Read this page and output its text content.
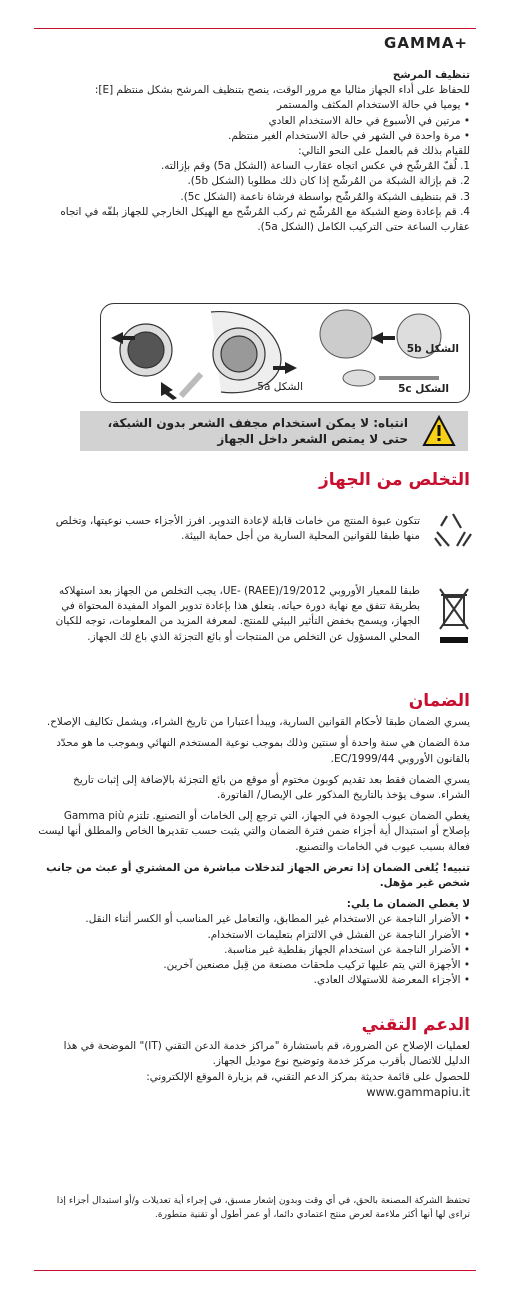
GAMMA+

تنظيف المرشح

للحفاظ على أداء الجهاز مثاليا مع مرور الوقت، ينصح بتنظيف المرشح بشكل منتظم [E]:

• يوميا في حالة الاستخدام المكثف والمستمر

• مرتين في الأسبوع في حالة الاستخدام العادي

• مرة واحدة في الشهر في حالة الاستخدام الغير منتظم.

للقيام بذلك قم بالعمل على النحو التالي:

1. لُفّ المُرشّح في عكس اتجاه عقارب الساعة (الشكل 5a) وقم بإزالته.

2. قم بإزالة الشبكة من المُرشّح إذا كان ذلك مطلوبا (الشكل 5b).

3. قم بتنظيف الشبكة والمُرشّح بواسطة فرشاة ناعمة (الشكل 5c).

4. قم بإعادة وضع الشبكة مع المُرشّح ثم ركب المُرشّح مع الهيكل الخارجي للجهاز بلفّه في اتجاه عقارب الساعة حتى التركيب الكامل (الشكل 5a).

الشكل 5a
الشكل 5b
الشكل 5c
انتباه: لا يمكن استخدام مجفف الشعر بدون الشبكة، حتى لا يمتص الشعر داخل الجهاز

التخلص من الجهاز

تتكون عبوة المنتج من خامات قابلة لإعادة التدوير. افرز الأجزاء حسب نوعيتها، وتخلص منها طبقا للقوانين المحلية السارية من أجل حماية البيئة.
طبقا للمعيار الأوروبي 19/2012/UE- (RAEE)، يجب التخلص من الجهاز بعد استهلاكه بطريقة تتفق مع نهاية دورة حياته. يتعلق هذا بإعادة تدوير المواد المفيدة المحتواة في الجهاز، ويسمح بخفض التأثير البيئي للمنتج. لمعرفة المزيد من المعلومات، توجه للكيان المحلي المسؤول عن التخلص من المنتجات أو بائع التجزئة الذي باع لك الجهاز.

الضمان

يسري الضمان طبقا لأحكام القوانين السارية، ويبدأ اعتبارا من تاريخ الشراء، ويشمل تكاليف الإصلاح.

مدة الضمان هي سنة واحدة أو سنتين وذلك بموجب نوعية المستخدم النهائي وبموجب ما هو محدّد بالقانون الأوروبي EC/1999/44.

يسري الضمان فقط بعد تقديم كوبون مختوم أو موقع من بائع التجزئة بالإضافة إلى إثبات تاريخ الشراء. سوف يؤخذ بالتاريخ المذكور على الإيصال/ الفاتورة.

يغطي الضمان عيوب الجودة في الجهاز، التي ترجع إلى الخامات أو التصنيع. تلتزم Gamma più بإصلاح أو استبدال أية أجزاء ضمن فترة الضمان والتي يثبت حسب تقديرها الخاص والمطلق أنها ليست فعالة بسبب عيوب في الخامات والتصنيع.

تنبيه! يُلغى الضمان إذا تعرض الجهاز لتدخلات مباشرة من المشتري أو عبث من جانب شخص غير مؤهل.

لا يغطي الضمان ما يلي:

• الأضرار الناجمة عن الاستخدام غير المطابق، والتعامل غير المناسب أو الكسر أثناء النقل.

• الأضرار الناجمة عن الفشل في الالتزام بتعليمات الاستخدام.

• الأضرار الناجمة عن استخدام الجهاز بفلطية غير مناسبة.

• الأجهزة التي يتم عليها تركيب ملحقات مصنعة من قِبل مصنعين آخرين.

• الأجزاء المعرضة للاستهلاك العادي.

الدعم التقني

لعمليات الإصلاح عن الضرورة، قم باستشارة "مراكز خدمة الدعن التقني (IT)" الموضحة في هذا الدليل للاتصال بأقرب مركز خدمة وتوضيح نوع موديل الجهاز.

للحصول على قائمة حديثة بمركز الدعم التقني، قم بزيارة الموقع الإلكتروني:

www.gammapiu.it

تحتفظ الشركة المصنعة بالحق، في أي وقت وبدون إشعار مسبق، في إجراء أية تعديلات و/أو استبدال أجزاء إذا تراءى لها أنها أكثر ملاءمة لعرض منتج اعتمادي دائما، أو عمر أطول أو تقنية متطورة.
